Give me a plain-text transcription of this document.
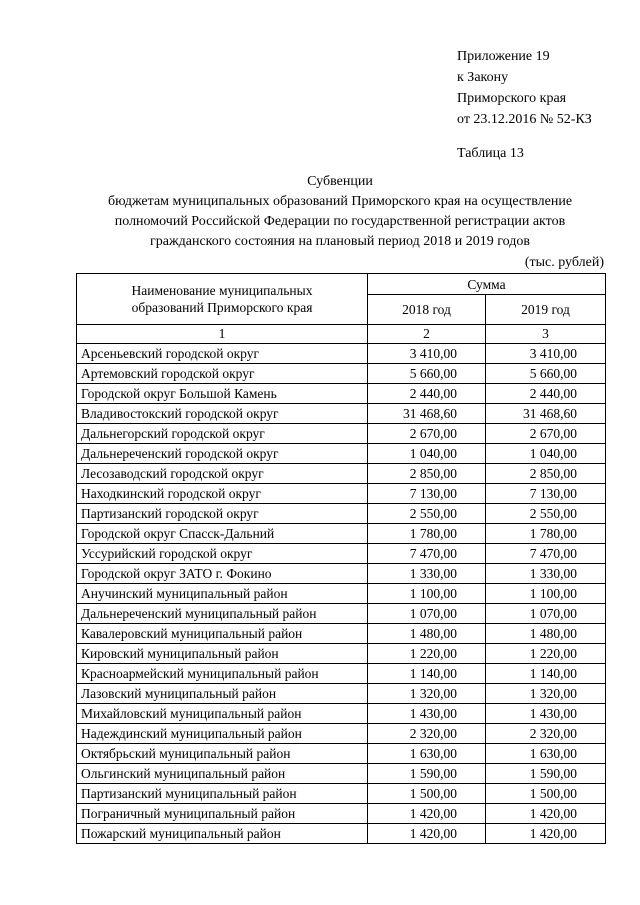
Приложение 19
к Закону
Приморского края
от 23.12.2016 № 52-КЗ
Таблица 13
Субвенции
бюджетам муниципальных образований Приморского края на осуществление
полномочий Российской Федерации по государственной регистрации актов
гражданского состояния на плановый период 2018 и 2019 годов
(тыс. рублей)
Наименование муниципальных
образований Приморского края	Сумма	
	2018 год	2019 год
1	2	3
Арсеньевский городской округ	3 410,00	3 410,00
Артемовский городской округ	5 660,00	5 660,00
Городской округ Большой Камень	2 440,00	2 440,00
Владивостокский городской округ	31 468,60	31 468,60
Дальнегорский городской округ	2 670,00	2 670,00
Дальнереченский городской округ	1 040,00	1 040,00
Лесозаводский городской округ	2 850,00	2 850,00
Находкинский городской округ	7 130,00	7 130,00
Партизанский городской округ	2 550,00	2 550,00
Городской округ Спасск-Дальний	1 780,00	1 780,00
Уссурийский городской округ	7 470,00	7 470,00
Городской округ ЗАТО г. Фокино	1 330,00	1 330,00
Анучинский муниципальный район	1 100,00	1 100,00
Дальнереченский муниципальный район	1 070,00	1 070,00
Кавалеровский муниципальный район	1 480,00	1 480,00
Кировский муниципальный район	1 220,00	1 220,00
Красноармейский муниципальный район	1 140,00	1 140,00
Лазовский муниципальный район	1 320,00	1 320,00
Михайловский муниципальный район	1 430,00	1 430,00
Надеждинский муниципальный район	2 320,00	2 320,00
Октябрьский муниципальный район	1 630,00	1 630,00
Ольгинский муниципальный район	1 590,00	1 590,00
Партизанский муниципальный район	1 500,00	1 500,00
Пограничный муниципальный район	1 420,00	1 420,00
Пожарский муниципальный район	1 420,00	1 420,00
